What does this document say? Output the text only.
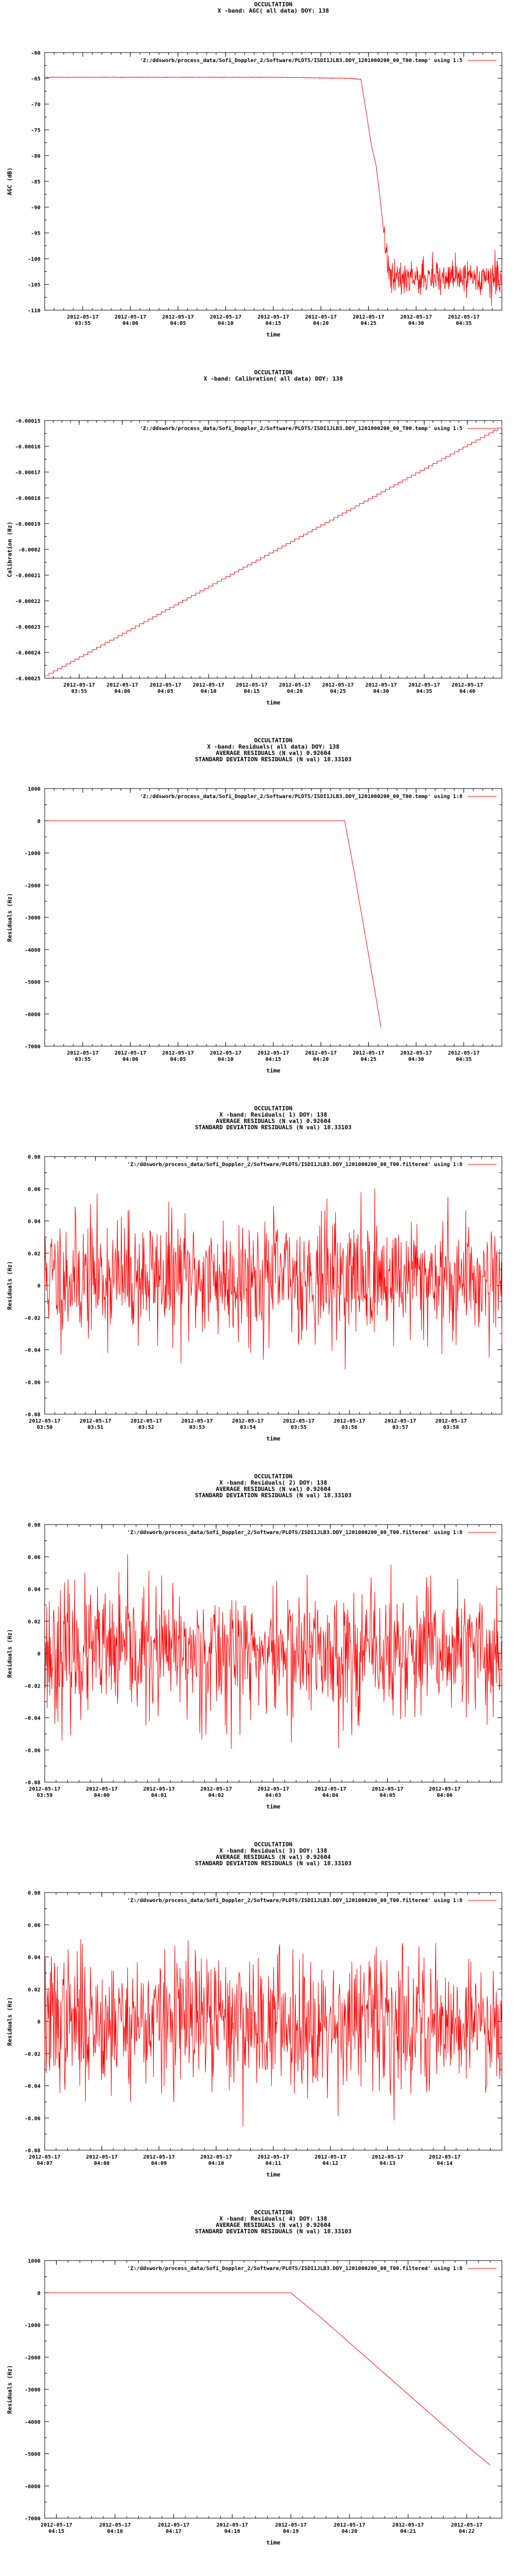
OCCULTATION
X -band: AGC( all data) DOY: 138
-60
-65
-70
-75
-80
-85
-90
-95
-100
-105
-110
2012-05-17
03:55
2012-05-17
04:00
2012-05-17
04:05
2012-05-17
04:10
2012-05-17
04:15
2012-05-17
04:20
2012-05-17
04:25
2012-05-17
04:30
2012-05-17
04:35
time
AGC (dB)
'Z:/ddsworb/process_data/Sofi_Doppler_2/Software/PLOTS/ISDI1JLB3.DDY_1201000200_00_T00.temp' using 1:5
OCCULTATION
X -band: Calibration( all data) DOY: 138
-0.00015
-0.00016
-0.00017
-0.00018
-0.00019
-0.0002
-0.00021
-0.00022
-0.00023
-0.00024
-0.00025
2012-05-17
03:55
2012-05-17
04:00
2012-05-17
04:05
2012-05-17
04:10
2012-05-17
04:15
2012-05-17
04:20
2012-05-17
04:25
2012-05-17
04:30
2012-05-17
04:35
2012-05-17
04:40
time
Calibration (Hz)
'Z:/ddsworb/process_data/Sofi_Doppler_2/Software/PLOTS/ISDI1JLB3.DDY_1201000200_00_T00.temp' using 1:5
OCCULTATION
X -band: Residuals( all data) DOY: 138
AVERAGE RESIDUALS (N val) 0.92604
STANDARD DEVIATION RESIDUALS (N val) 18.33103
1000
0
-1000
-2000
-3000
-4000
-5000
-6000
-7000
2012-05-17
03:55
2012-05-17
04:00
2012-05-17
04:05
2012-05-17
04:10
2012-05-17
04:15
2012-05-17
04:20
2012-05-17
04:25
2012-05-17
04:30
2012-05-17
04:35
time
Residuals (Hz)
'Z:/ddsworb/process_data/Sofi_Doppler_2/Software/PLOTS/ISDI1JLB3.DDY_1201000200_00_T00.temp' using 1:8
OCCULTATION
X -band: Residuals( 1) DOY: 138
AVERAGE RESIDUALS (N val) 0.92604
STANDARD DEVIATION RESIDUALS (N val) 18.33103
0.08
0.06
0.04
0.02
0
-0.02
-0.04
-0.06
-0.08
2012-05-17
03:50
2012-05-17
03:51
2012-05-17
03:52
2012-05-17
03:53
2012-05-17
03:54
2012-05-17
03:55
2012-05-17
03:56
2012-05-17
03:57
2012-05-17
03:58
time
Residuals (Hz)
'Z:/ddsworb/process_data/Sofi_Doppler_2/Software/PLOTS/ISDI1JLB3.DDY_1201000200_00_T00.filtered' using 1:8
OCCULTATION
X -band: Residuals( 2) DOY: 138
AVERAGE RESIDUALS (N val) 0.92604
STANDARD DEVIATION RESIDUALS (N val) 18.33103
0.08
0.06
0.04
0.02
0
-0.02
-0.04
-0.06
-0.08
2012-05-17
03:59
2012-05-17
04:00
2012-05-17
04:01
2012-05-17
04:02
2012-05-17
04:03
2012-05-17
04:04
2012-05-17
04:05
2012-05-17
04:06
time
Residuals (Hz)
'Z:/ddsworb/process_data/Sofi_Doppler_2/Software/PLOTS/ISDI1JLB3.DDY_1201000200_00_T00.filtered' using 1:8
OCCULTATION
X -band: Residuals( 3) DOY: 138
AVERAGE RESIDUALS (N val) 0.92604
STANDARD DEVIATION RESIDUALS (N val) 18.33103
0.08
0.06
0.04
0.02
0
-0.02
-0.04
-0.06
-0.08
2012-05-17
04:07
2012-05-17
04:08
2012-05-17
04:09
2012-05-17
04:10
2012-05-17
04:11
2012-05-17
04:12
2012-05-17
04:13
2012-05-17
04:14
time
Residuals (Hz)
'Z:/ddsworb/process_data/Sofi_Doppler_2/Software/PLOTS/ISDI1JLB3.DDY_1201000200_00_T00.filtered' using 1:8
OCCULTATION
X -band: Residuals( 4) DOY: 138
AVERAGE RESIDUALS (N val) 0.92604
STANDARD DEVIATION RESIDUALS (N val) 18.33103
1000
0
-1000
-2000
-3000
-4000
-5000
-6000
-7000
2012-05-17
04:15
2012-05-17
04:16
2012-05-17
04:17
2012-05-17
04:18
2012-05-17
04:19
2012-05-17
04:20
2012-05-17
04:21
2012-05-17
04:22
time
Residuals (Hz)
'Z:/ddsworb/process_data/Sofi_Doppler_2/Software/PLOTS/ISDI1JLB3.DDY_1201000200_00_T00.filtered' using 1:8
